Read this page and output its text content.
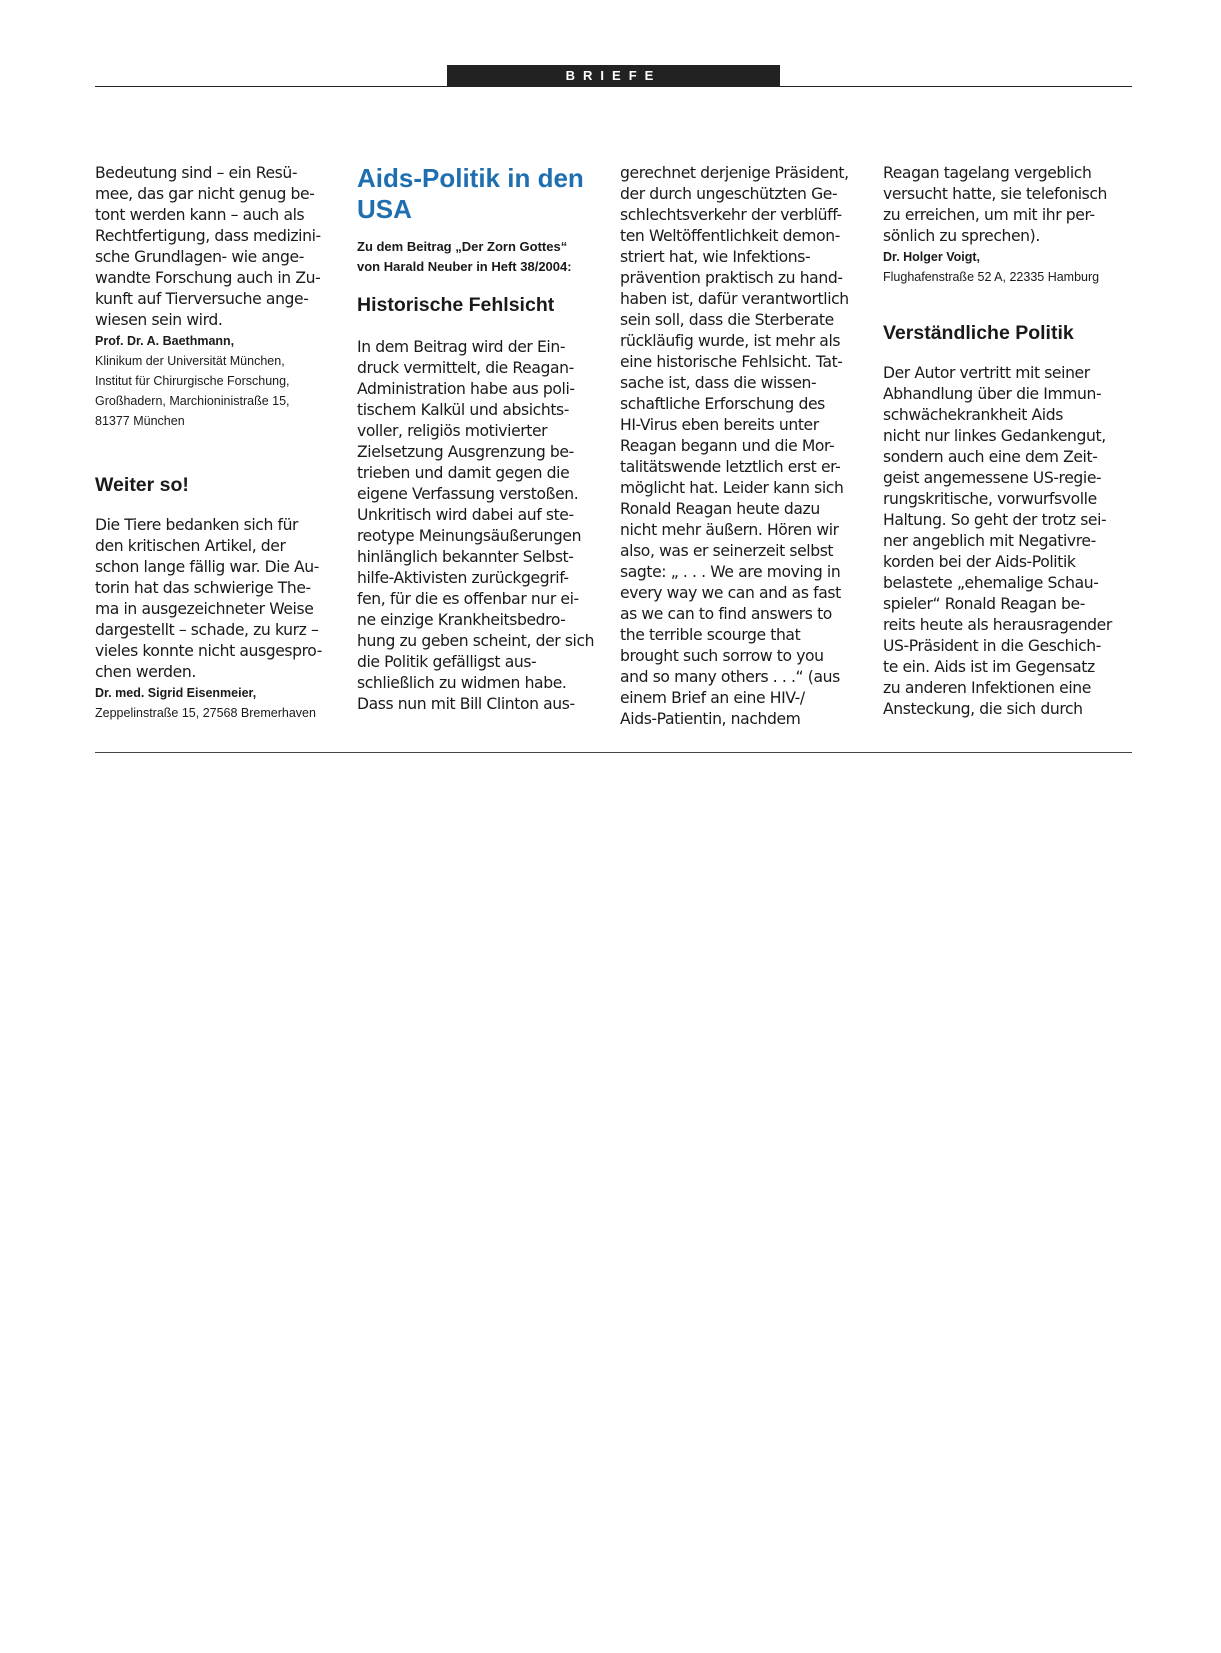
BRIEFE

Bedeutung sind – ein Resü-
mee, das gar nicht genug be-
tont werden kann – auch als
Rechtfertigung, dass medizini-
sche Grundlagen- wie ange-
wandte Forschung auch in Zu-
kunft auf Tierversuche ange-
wiesen sein wird.

Prof. Dr. A. Baethmann,

Klinikum der Universität München,
Institut für Chirurgische Forschung,
Großhadern, Marchioninistraße 15,
81377 München

Weiter so!

Die Tiere bedanken sich für
den kritischen Artikel, der
schon lange fällig war. Die Au-
torin hat das schwierige The-
ma in ausgezeichneter Weise
dargestellt – schade, zu kurz –
vieles konnte nicht ausgespro-
chen werden.

Dr. med. Sigrid Eisenmeier,

Zeppelinstraße 15, 27568 Bremerhaven

Aids-Politik in den
USA

Zu dem Beitrag „Der Zorn Gottes“
von Harald Neuber in Heft 38/2004:

Historische Fehlsicht

In dem Beitrag wird der Ein-
druck vermittelt, die Reagan-
Administration habe aus poli-
tischem Kalkül und absichts-
voller, religiös motivierter
Zielsetzung Ausgrenzung be-
trieben und damit gegen die
eigene Verfassung verstoßen.
Unkritisch wird dabei auf ste-
reotype Meinungsäußerungen
hinlänglich bekannter Selbst-
hilfe-Aktivisten zurückgegrif-
fen, für die es offenbar nur ei-
ne einzige Krankheitsbedro-
hung zu geben scheint, der sich
die Politik gefälligst aus-
schließlich zu widmen habe.
Dass nun mit Bill Clinton aus-

gerechnet derjenige Präsident,
der durch ungeschützten Ge-
schlechtsverkehr der verblüff-
ten Weltöffentlichkeit demon-
striert hat, wie Infektions-
prävention praktisch zu hand-
haben ist, dafür verantwortlich
sein soll, dass die Sterberate
rückläufig wurde, ist mehr als
eine historische Fehlsicht. Tat-
sache ist, dass die wissen-
schaftliche Erforschung des
HI-Virus eben bereits unter
Reagan begann und die Mor-
talitätswende letztlich erst er-
möglicht hat. Leider kann sich
Ronald Reagan heute dazu
nicht mehr äußern. Hören wir
also, was er seinerzeit selbst
sagte: „ . . . We are moving in
every way we can and as fast
as we can to find answers to
the terrible scourge that
brought such sorrow to you
and so many others . . .“ (aus
einem Brief an eine HIV-/
Aids-Patientin, nachdem

Reagan tagelang vergeblich
versucht hatte, sie telefonisch
zu erreichen, um mit ihr per-
sönlich zu sprechen).

Dr. Holger Voigt,

Flughafenstraße 52 A, 22335 Hamburg

Verständliche Politik

Der Autor vertritt mit seiner
Abhandlung über die Immun-
schwächekrankheit Aids
nicht nur linkes Gedankengut,
sondern auch eine dem Zeit-
geist angemessene US-regie-
rungskritische, vorwurfsvolle
Haltung. So geht der trotz sei-
ner angeblich mit Negativre-
korden bei der Aids-Politik
belastete „ehemalige Schau-
spieler“ Ronald Reagan be-
reits heute als herausragender
US-Präsident in die Geschich-
te ein. Aids ist im Gegensatz
zu anderen Infektionen eine
Ansteckung, die sich durch
